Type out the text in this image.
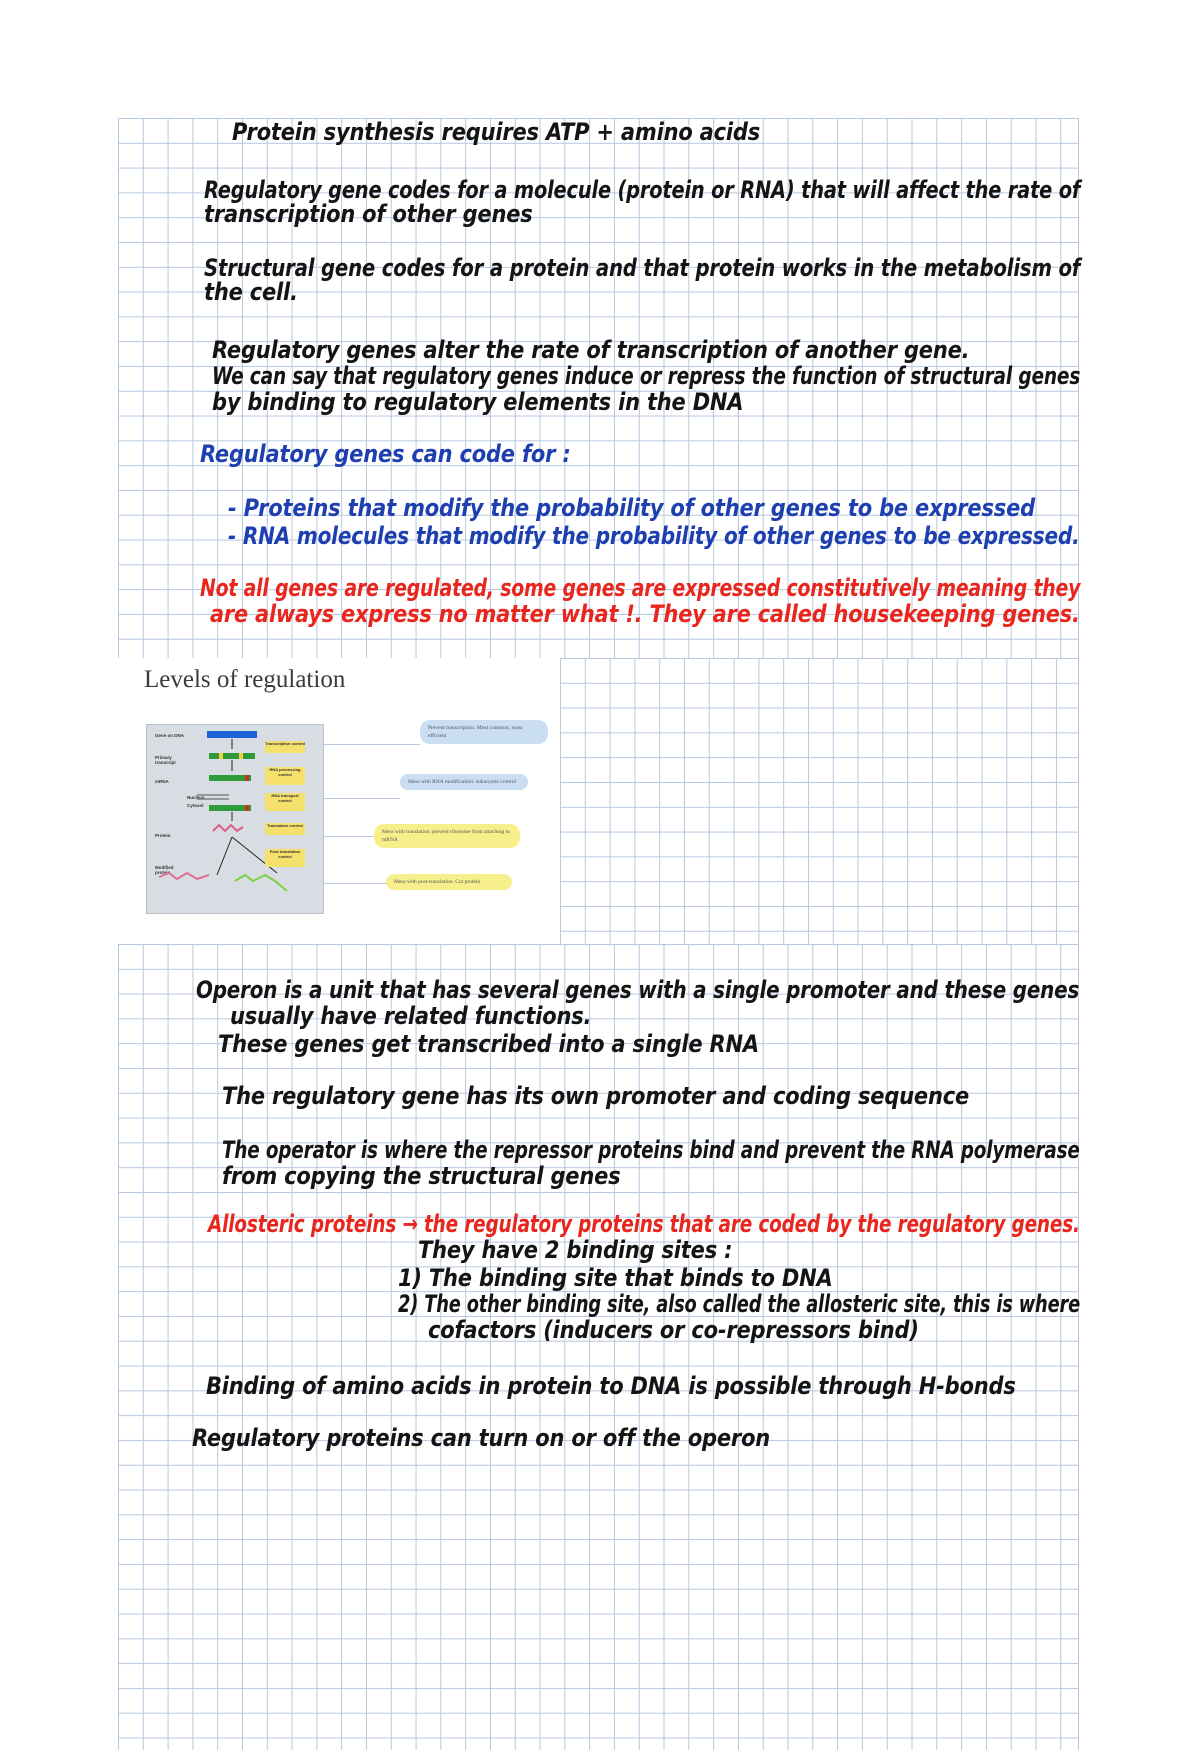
Protein synthesis requires ATP + amino acids
Regulatory gene codes for a molecule (protein or RNA) that will affect the rate of
transcription of other genes
Structural gene codes for a protein and that protein works in the metabolism of
the cell.
Regulatory genes alter the rate of transcription of another gene.
We can say that regulatory genes induce or repress the function of structural genes
by binding to regulatory elements in the DNA
Regulatory genes can code for :
- Proteins that modify the probability of other genes to be expressed
- RNA molecules that modify the probability of other genes to be expressed.
Not all genes are regulated, some genes are expressed constitutively meaning they
are always express no matter what !. They are called housekeeping genes.
Levels of regulation
Gene on DNA
Primary transcript
mRNA
Nucleus
Cytosol
Protein
Modified protein
Transcription control
RNA processing control
RNA transport control
Translation control
Post translation control
Prevent transcription: Most common, most efficient
Mess with RNA modification: eukaryotic control
Mess with translation: prevent ribosome from attaching to mRNA
Mess with post-translation: Cut protein
Operon is a unit that has several genes with a single promoter and these genes
usually have related functions.
These genes get transcribed into a single RNA
The regulatory gene has its own promoter and coding sequence
The operator is where the repressor proteins bind and prevent the RNA polymerase
from copying the structural genes
Allosteric proteins → the regulatory proteins that are coded by the regulatory genes.
They have 2 binding sites :
1) The binding site that binds to DNA
2) The other binding site, also called the allosteric site, this is where
cofactors (inducers or co-repressors bind)
Binding of amino acids in protein to DNA is possible through H-bonds
Regulatory proteins can turn on or off the operon
